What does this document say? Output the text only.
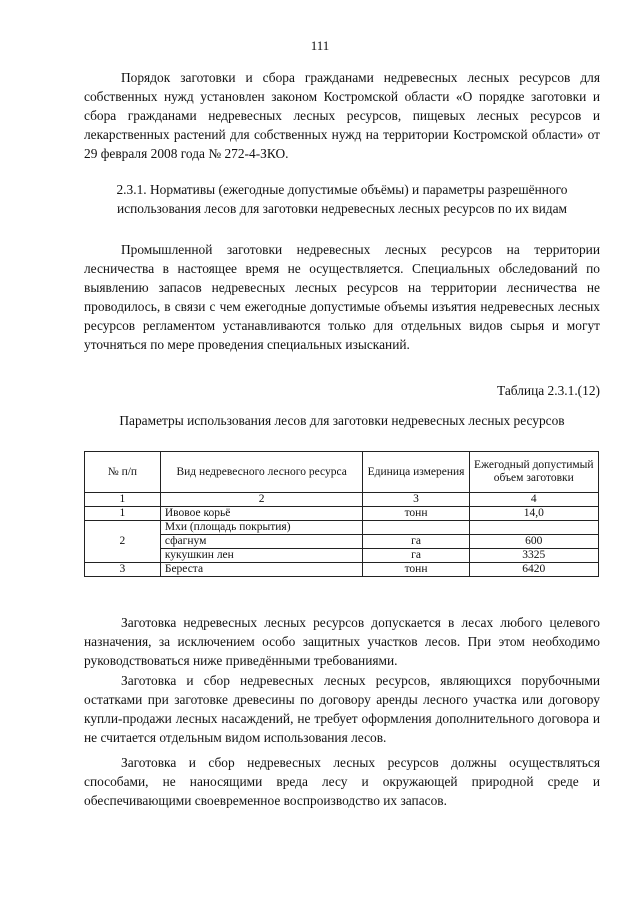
111

Порядок заготовки и сбора гражданами недревесных лесных ресурсов для собственных нужд установлен законом Костромской области «О порядке заготовки и сбора гражданами недревесных лесных ресурсов, пищевых лесных ресурсов и лекарственных растений для собственных нужд на территории Костромской области» от 29 февраля 2008 года № 272-4-ЗКО.

2.3.1. Нормативы (ежегодные допустимые объёмы) и параметры разрешённого использования лесов для заготовки недревесных лесных ресурсов по их видам

Промышленной заготовки недревесных лесных ресурсов на территории лесничества в настоящее время не осуществляется. Специальных обследований по выявлению запасов недревесных лесных ресурсов на территории лесничества не проводилось, в связи с чем ежегодные допустимые объемы изъятия недревесных лесных ресурсов регламентом устанавливаются только для отдельных видов сырья и могут уточняться по мере проведения специальных изысканий.

Таблица 2.3.1.(12)
Параметры использования лесов для заготовки недревесных лесных ресурсов
№ п/п	Вид недревесного лесного ресурса	Единица измерения	Ежегодный допустимый объем заготовки
1	2	3	4
1	Ивовое корьё	тонн	14,0
2	Мхи (площадь покрытия)		
	сфагнум	га	600
	кукушкин лен	га	3325
3	Береста	тонн	6420

Заготовка недревесных лесных ресурсов допускается в лесах любого целевого назначения, за исключением особо защитных участков лесов. При этом необходимо руководствоваться ниже приведёнными требованиями.

Заготовка и сбор недревесных лесных ресурсов, являющихся порубочными остатками при заготовке древесины по договору аренды лесного участка или договору купли-продажи лесных насаждений, не требует оформления дополнительного договора и не считается отдельным видом использования лесов.

Заготовка и сбор недревесных лесных ресурсов должны осуществляться способами, не наносящими вреда лесу и окружающей природной среде и обеспечивающими своевременное воспроизводство их запасов.
